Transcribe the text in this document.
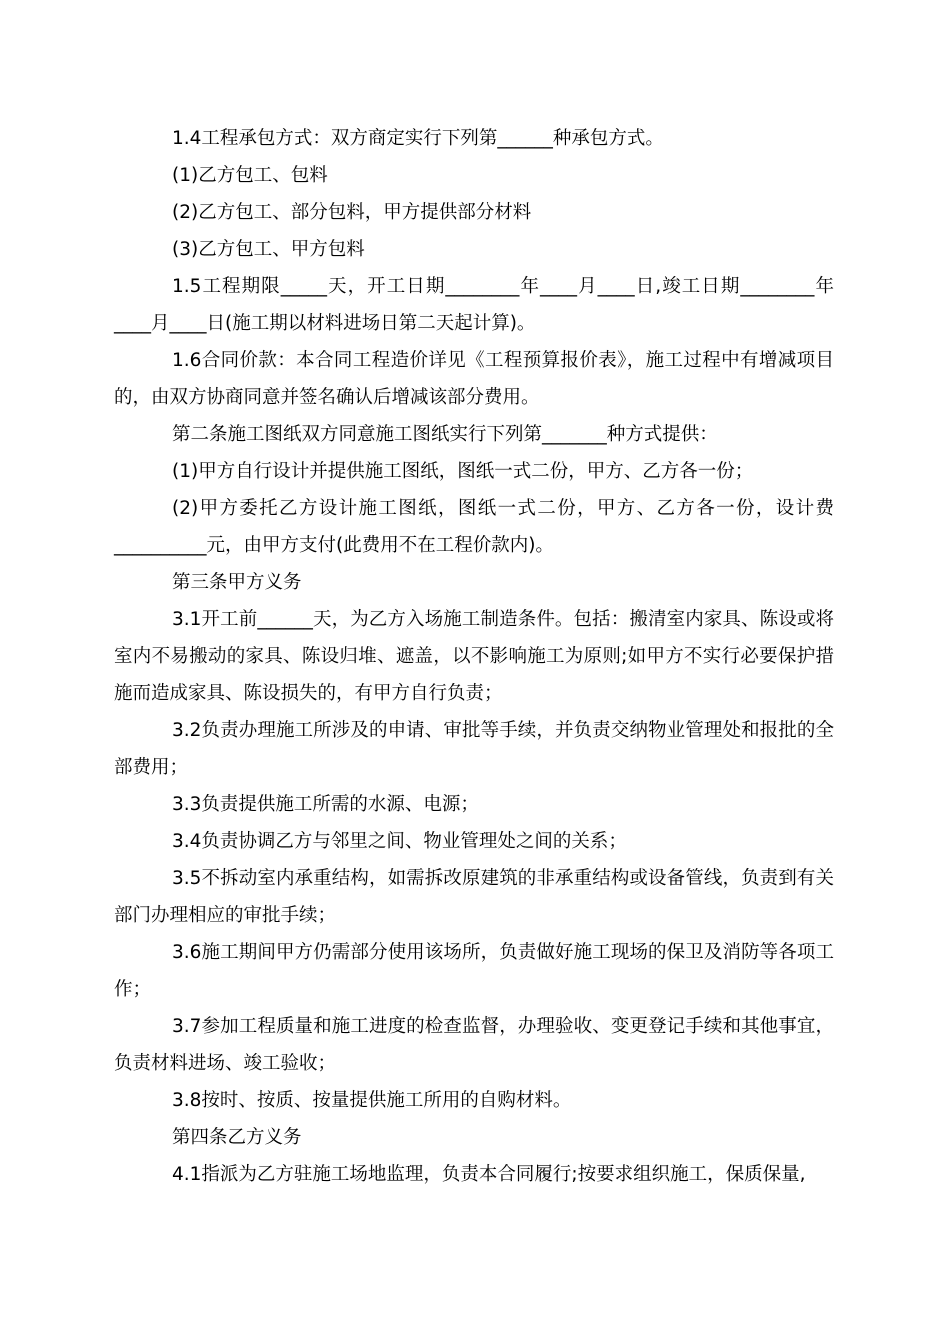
1.4工程承包方式：双方商定实行下列第______种承包方式。

(1)乙方包工、包料

(2)乙方包工、部分包料，甲方提供部分材料

(3)乙方包工、甲方包料

1.5工程期限_____天，开工日期________年____月____日,竣工日期________年____月____日(施工期以材料进场日第二天起计算)。

1.6合同价款：本合同工程造价详见《工程预算报价表》，施工过程中有增减项目的，由双方协商同意并签名确认后增减该部分费用。

第二条施工图纸双方同意施工图纸实行下列第_______种方式提供：

(1)甲方自行设计并提供施工图纸，图纸一式二份，甲方、乙方各一份；

(2)甲方委托乙方设计施工图纸，图纸一式二份，甲方、乙方各一份，设计费__________元，由甲方支付(此费用不在工程价款内)。

第三条甲方义务

3.1开工前______天，为乙方入场施工制造条件。包括：搬清室内家具、陈设或将室内不易搬动的家具、陈设归堆、遮盖，以不影响施工为原则;如甲方不实行必要保护措施而造成家具、陈设损失的，有甲方自行负责；

3.2负责办理施工所涉及的申请、审批等手续，并负责交纳物业管理处和报批的全部费用；

3.3负责提供施工所需的水源、电源；

3.4负责协调乙方与邻里之间、物业管理处之间的关系；

3.5不拆动室内承重结构，如需拆改原建筑的非承重结构或设备管线，负责到有关部门办理相应的审批手续；

3.6施工期间甲方仍需部分使用该场所，负责做好施工现场的保卫及消防等各项工作；

3.7参加工程质量和施工进度的检查监督，办理验收、变更登记手续和其他事宜，负责材料进场、竣工验收；

3.8按时、按质、按量提供施工所用的自购材料。

第四条乙方义务

4.1指派为乙方驻施工场地监理，负责本合同履行;按要求组织施工，保质保量,
